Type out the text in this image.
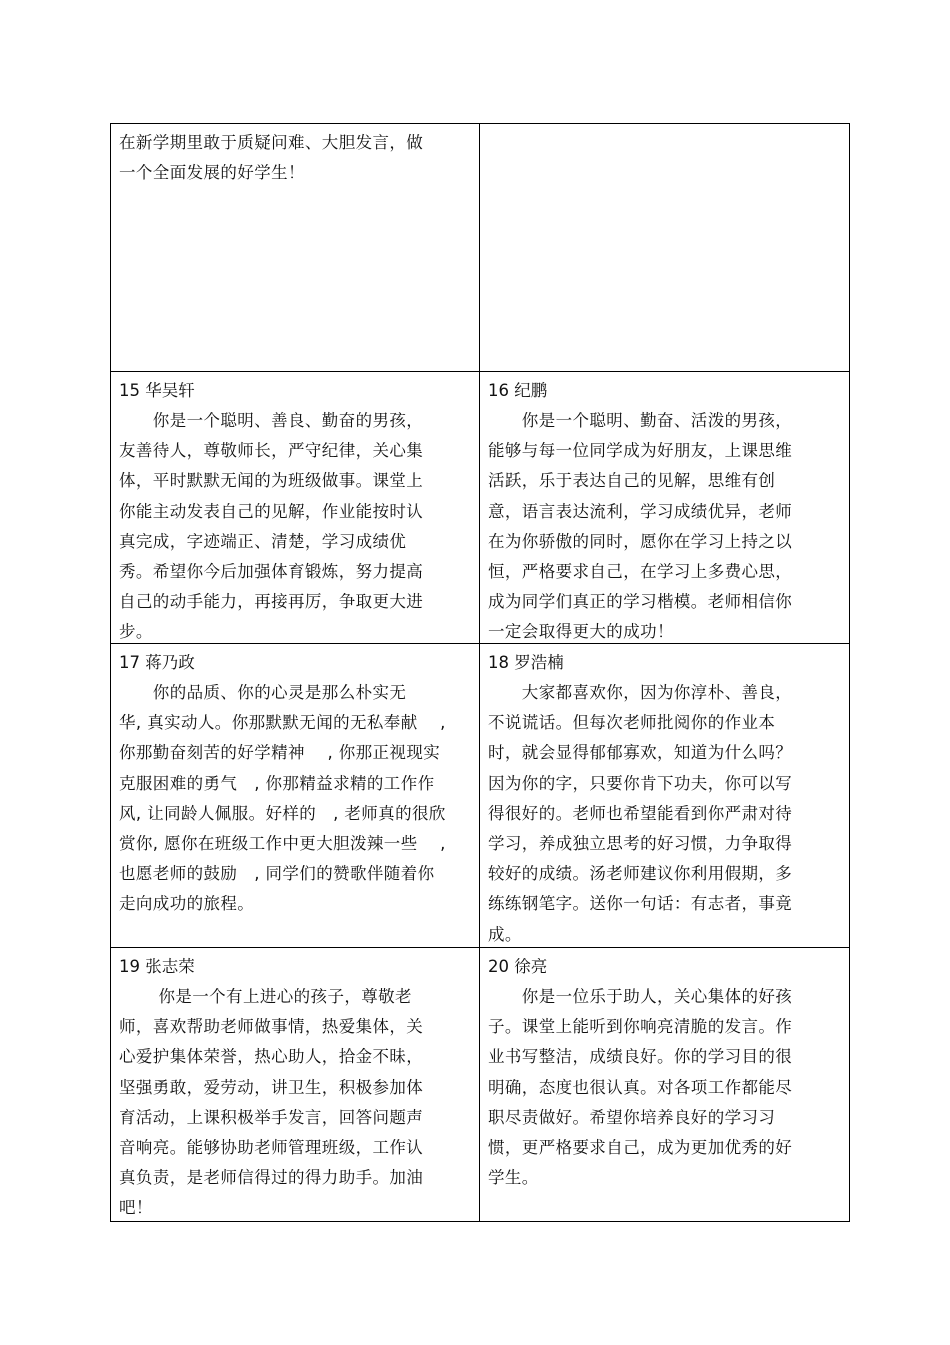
在新学期里敢于质疑问难、大胆发言，做
一个全面发展的好学生！
15 华吴轩
　　你是一个聪明、善良、勤奋的男孩，
友善待人，尊敬师长，严守纪律，关心集
体，平时默默无闻的为班级做事。课堂上
你能主动发表自己的见解，作业能按时认
真完成，字迹端正、清楚，学习成绩优
秀。希望你今后加强体育锻炼，努力提高
自己的动手能力，再接再厉，争取更大进
步。
16 纪鹏
　　你是一个聪明、勤奋、活泼的男孩，
能够与每一位同学成为好朋友，上课思维
活跃，乐于表达自己的见解，思维有创
意，语言表达流利，学习成绩优异，老师
在为你骄傲的同时，愿你在学习上持之以
恒，严格要求自己，在学习上多费心思，
成为同学们真正的学习楷模。老师相信你
一定会取得更大的成功！
17 蒋乃政
　　你的品质、你的心灵是那么朴实无
华, 真实动人。你那默默无闻的无私奉献　 ,
你那勤奋刻苦的好学精神　 , 你那正视现实
克服困难的勇气　, 你那精益求精的工作作
风, 让同龄人佩服。好样的　, 老师真的很欣
赏你, 愿你在班级工作中更大胆泼辣一些　 ,
也愿老师的鼓励　, 同学们的赞歌伴随着你
走向成功的旅程。
18 罗浩楠
　　大家都喜欢你，因为你淳朴、善良，
不说谎话。但每次老师批阅你的作业本
时，就会显得郁郁寡欢，知道为什么吗？
因为你的字，只要你肯下功夫，你可以写
得很好的。老师也希望能看到你严肃对待
学习，养成独立思考的好习惯，力争取得
较好的成绩。汤老师建议你利用假期，多
练练钢笔字。送你一句话：有志者，事竟
成。
19 张志荣
　　 你是一个有上进心的孩子，尊敬老
师，喜欢帮助老师做事情，热爱集体，关
心爱护集体荣誉，热心助人，拾金不昧，
坚强勇敢，爱劳动，讲卫生，积极参加体
育活动，上课积极举手发言，回答问题声
音响亮。能够协助老师管理班级，工作认
真负责，是老师信得过的得力助手。加油
吧！
20 徐亮
　　你是一位乐于助人，关心集体的好孩
子。课堂上能听到你响亮清脆的发言。作
业书写整洁，成绩良好。你的学习目的很
明确，态度也很认真。对各项工作都能尽
职尽责做好。希望你培养良好的学习习
惯，更严格要求自己，成为更加优秀的好
学生。
